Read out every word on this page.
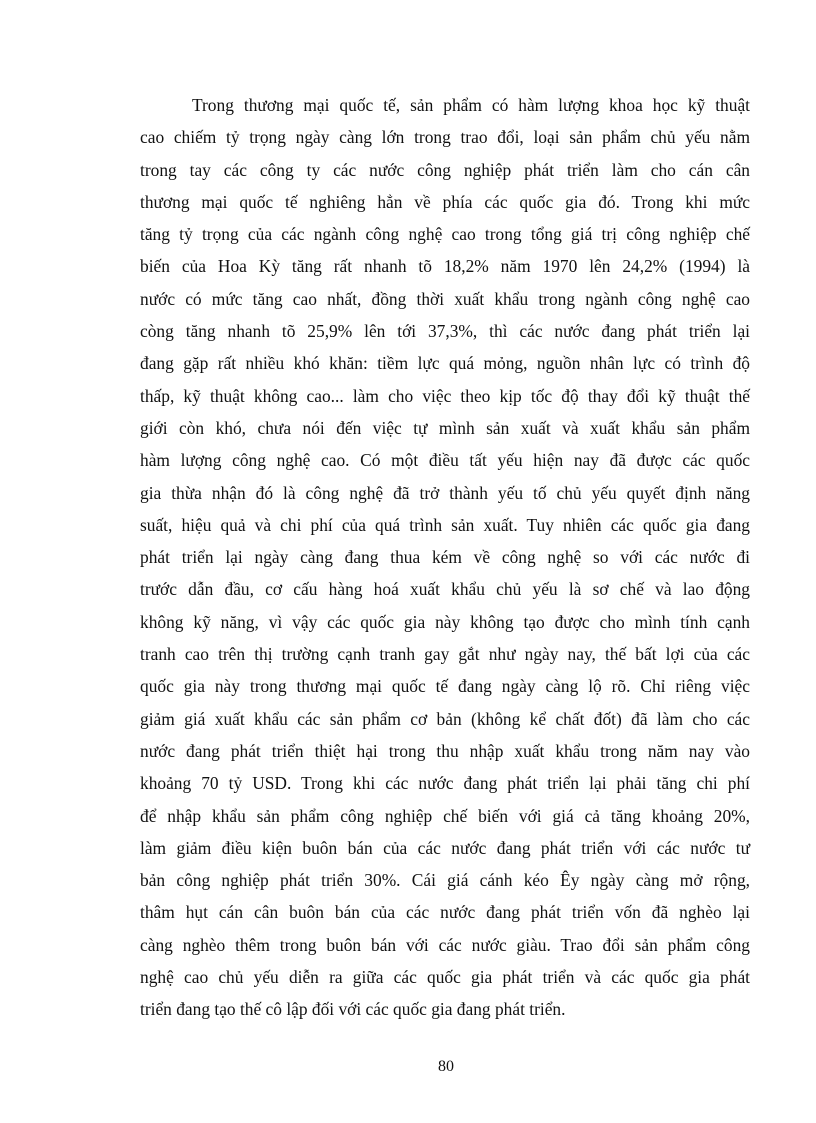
Trong thương mại quốc tế, sản phẩm có hàm lượng khoa học kỹ thuật
cao chiếm tỷ trọng ngày càng lớn trong trao đổi, loại sản phẩm chủ yếu nằm
trong tay các công ty các nước công nghiệp phát triển làm cho cán cân
thương mại quốc tế nghiêng hẳn về phía các quốc gia đó. Trong khi mức
tăng tỷ trọng của các ngành công nghệ cao trong tổng giá trị công nghiệp chế
biến của Hoa Kỳ tăng rất nhanh tõ 18,2% năm 1970 lên 24,2% (1994) là
nước có mức tăng cao nhất, đồng thời xuất khẩu trong ngành công nghệ cao
còng tăng nhanh tõ 25,9% lên tới 37,3%, thì các nước đang phát triển lại
đang gặp rất nhiều khó khăn: tiềm lực quá mỏng, nguồn nhân lực có trình độ
thấp, kỹ thuật không cao... làm cho việc theo kịp tốc độ thay đổi kỹ thuật thế
giới còn khó, chưa nói đến việc tự mình sản xuất và xuất khẩu sản phẩm
hàm lượng công nghệ cao. Có một điều tất yếu hiện nay đã được các quốc
gia thừa nhận đó là công nghệ đã trở thành yếu tố chủ yếu quyết định năng
suất, hiệu quả và chi phí của quá trình sản xuất. Tuy nhiên các quốc gia đang
phát triển lại ngày càng đang thua kém về công nghệ so với các nước đi
trước dẫn đầu, cơ cấu hàng hoá xuất khẩu chủ yếu là sơ chế và lao động
không kỹ năng, vì vậy các quốc gia này không tạo được cho mình tính cạnh
tranh cao trên thị trường cạnh tranh gay gắt như ngày nay, thế bất lợi của các
quốc gia này trong thương mại quốc tế đang ngày càng lộ rõ. Chỉ riêng việc
giảm giá xuất khẩu các sản phẩm cơ bản (không kể chất đốt) đã làm cho các
nước đang phát triển thiệt hại trong thu nhập xuất khẩu trong năm nay vào
khoảng 70 tỷ USD. Trong khi các nước đang phát triển lại phải tăng chi phí
để nhập khẩu sản phẩm công nghiệp chế biến với giá cả tăng khoảng 20%,
làm giảm điều kiện buôn bán của các nước đang phát triển với các nước tư
bản công nghiệp phát triển 30%. Cái giá cánh kéo Êy ngày càng mở rộng,
thâm hụt cán cân buôn bán của các nước đang phát triển vốn đã nghèo lại
càng nghèo thêm trong buôn bán với các nước giàu. Trao đổi sản phẩm công
nghệ cao chủ yếu diễn ra giữa các quốc gia phát triển và các quốc gia phát
triển đang tạo thế cô lập đối với các quốc gia đang phát triển.
80
